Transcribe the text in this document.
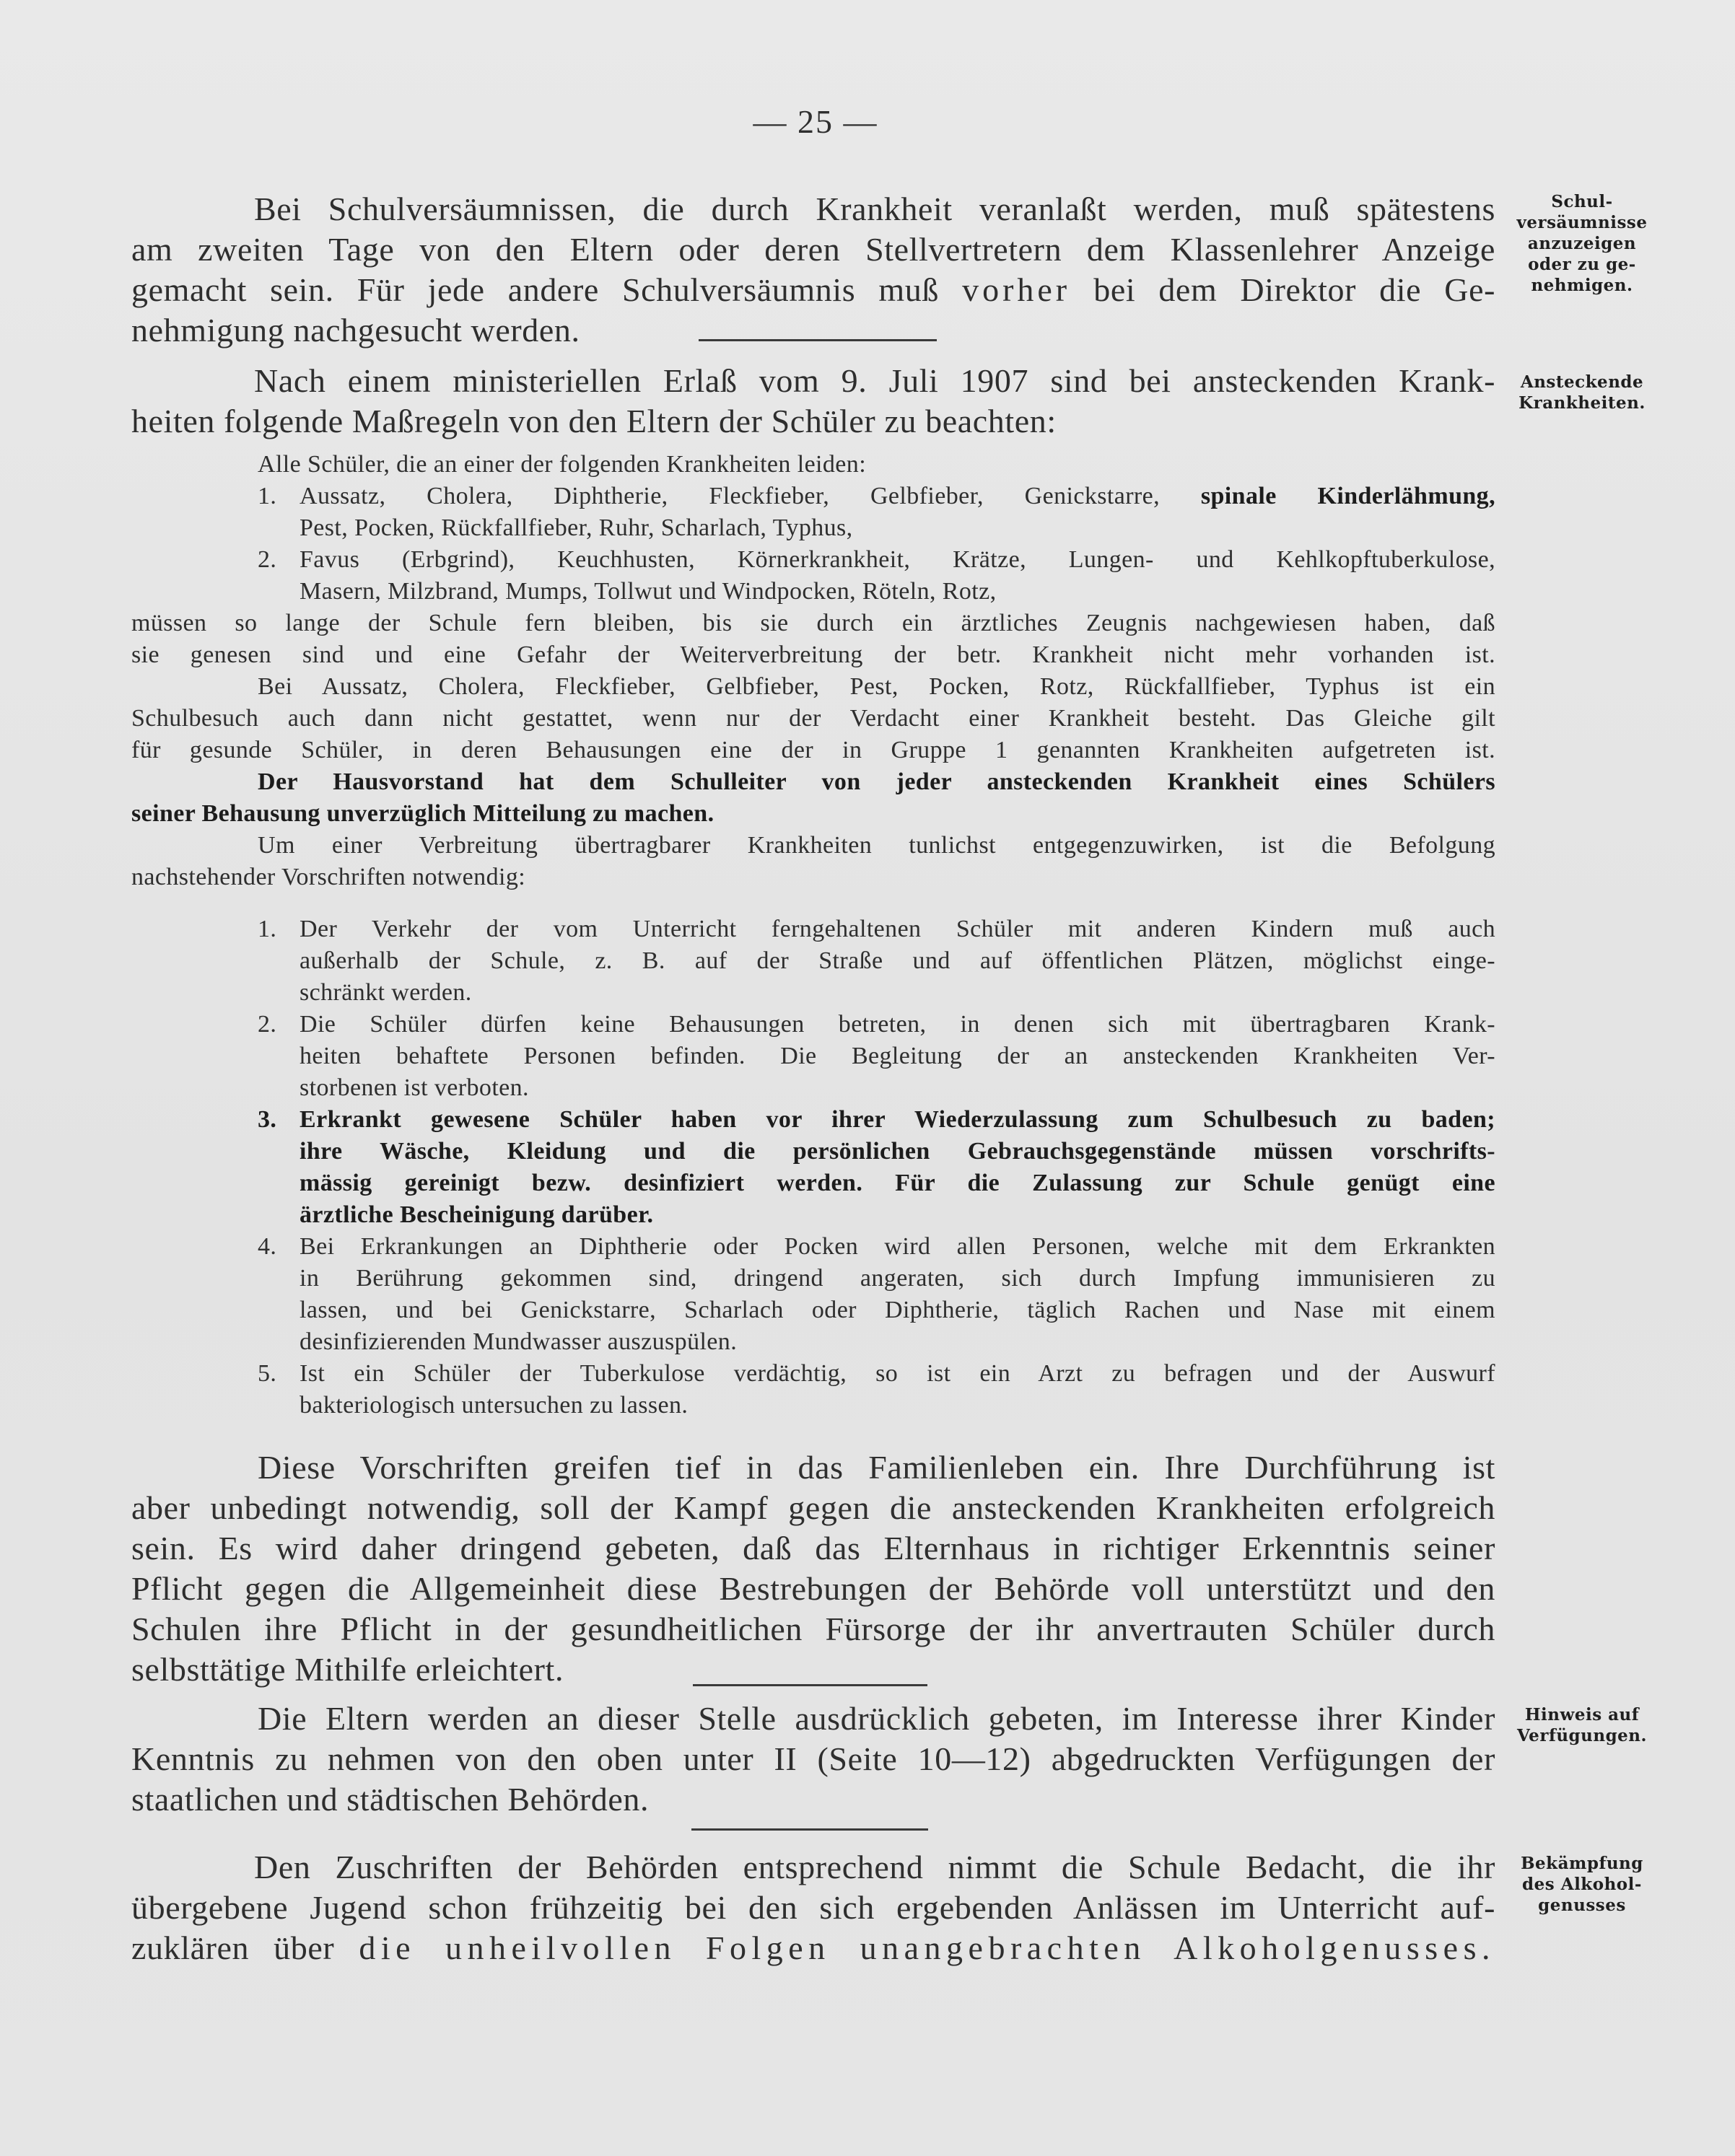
— 25 —
Schul-
versäumnisse
anzuzeigen
oder zu ge-
nehmigen.
Ansteckende
Krankheiten.
Hinweis auf
Verfügungen.
Bekämpfung
des Alkohol-
genusses
Bei Schulversäumnissen, die durch Krankheit veranlaßt werden, muß spätestens
am zweiten Tage von den Eltern oder deren Stellvertretern dem Klassenlehrer Anzeige
gemacht sein. Für jede andere Schulversäumnis muß vorher bei dem Direktor die Ge-
nehmigung nachgesucht werden.
Nach einem ministeriellen Erlaß vom 9. Juli 1907 sind bei ansteckenden Krank-
heiten folgende Maßregeln von den Eltern der Schüler zu beachten:
Alle Schüler, die an einer der folgenden Krankheiten leiden:
1. Aussatz, Cholera, Diphtherie, Fleckfieber, Gelbfieber, Genickstarre, spinale Kinderlähmung,
Pest, Pocken, Rückfallfieber, Ruhr, Scharlach, Typhus,
2. Favus (Erbgrind), Keuchhusten, Körnerkrankheit, Krätze, Lungen- und Kehlkopftuberkulose,
Masern, Milzbrand, Mumps, Tollwut und Windpocken, Röteln, Rotz,
müssen so lange der Schule fern bleiben, bis sie durch ein ärztliches Zeugnis nachgewiesen haben, daß
sie genesen sind und eine Gefahr der Weiterverbreitung der betr. Krankheit nicht mehr vorhanden ist.
Bei Aussatz, Cholera, Fleckfieber, Gelbfieber, Pest, Pocken, Rotz, Rückfallfieber, Typhus ist ein
Schulbesuch auch dann nicht gestattet, wenn nur der Verdacht einer Krankheit besteht. Das Gleiche gilt
für gesunde Schüler, in deren Behausungen eine der in Gruppe 1 genannten Krankheiten aufgetreten ist.
Der Hausvorstand hat dem Schulleiter von jeder ansteckenden Krankheit eines Schülers
seiner Behausung unverzüglich Mitteilung zu machen.
Um einer Verbreitung übertragbarer Krankheiten tunlichst entgegenzuwirken, ist die Befolgung
nachstehender Vorschriften notwendig:
1. Der Verkehr der vom Unterricht ferngehaltenen Schüler mit anderen Kindern muß auch
außerhalb der Schule, z. B. auf der Straße und auf öffentlichen Plätzen, möglichst einge-
schränkt werden.
2. Die Schüler dürfen keine Behausungen betreten, in denen sich mit übertragbaren Krank-
heiten behaftete Personen befinden. Die Begleitung der an ansteckenden Krankheiten Ver-
storbenen ist verboten.
3. Erkrankt gewesene Schüler haben vor ihrer Wiederzulassung zum Schulbesuch zu baden;
ihre Wäsche, Kleidung und die persönlichen Gebrauchsgegenstände müssen vorschrifts-
mässig gereinigt bezw. desinfiziert werden. Für die Zulassung zur Schule genügt eine
ärztliche Bescheinigung darüber.
4. Bei Erkrankungen an Diphtherie oder Pocken wird allen Personen, welche mit dem Erkrankten
in Berührung gekommen sind, dringend angeraten, sich durch Impfung immunisieren zu
lassen, und bei Genickstarre, Scharlach oder Diphtherie, täglich Rachen und Nase mit einem
desinfizierenden Mundwasser auszuspülen.
5. Ist ein Schüler der Tuberkulose verdächtig, so ist ein Arzt zu befragen und der Auswurf
bakteriologisch untersuchen zu lassen.
Diese Vorschriften greifen tief in das Familienleben ein. Ihre Durchführung ist
aber unbedingt notwendig, soll der Kampf gegen die ansteckenden Krankheiten erfolgreich
sein. Es wird daher dringend gebeten, daß das Elternhaus in richtiger Erkenntnis seiner
Pflicht gegen die Allgemeinheit diese Bestrebungen der Behörde voll unterstützt und den
Schulen ihre Pflicht in der gesundheitlichen Fürsorge der ihr anvertrauten Schüler durch
selbsttätige Mithilfe erleichtert.
Die Eltern werden an dieser Stelle ausdrücklich gebeten, im Interesse ihrer Kinder
Kenntnis zu nehmen von den oben unter II (Seite 10—12) abgedruckten Verfügungen der
staatlichen und städtischen Behörden.
Den Zuschriften der Behörden entsprechend nimmt die Schule Bedacht, die ihr
übergebene Jugend schon frühzeitig bei den sich ergebenden Anlässen im Unterricht auf-
zuklären über die unheilvollen Folgen unangebrachten Alkoholgenusses.
